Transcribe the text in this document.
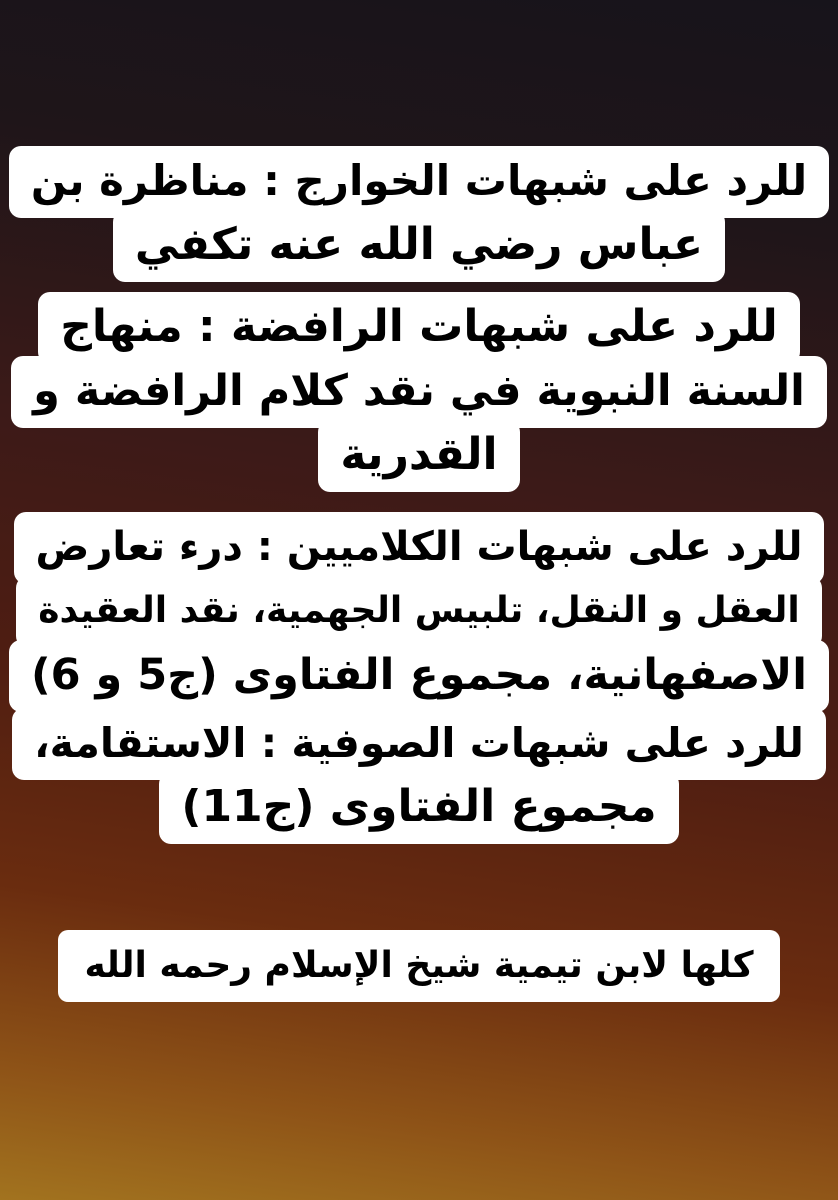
للرد على شبهات الخوارج : مناظرة بن
عباس رضي الله عنه تكفي
للرد على شبهات الرافضة : منهاج
السنة النبوية في نقد كلام الرافضة و
القدرية
للرد على شبهات الكلاميين : درء تعارض
العقل و النقل، تلبيس الجهمية، نقد العقيدة
الاصفهانية، مجموع الفتاوى (ج5 و 6)
للرد على شبهات الصوفية : الاستقامة،
مجموع الفتاوى (ج11)
كلها لابن تيمية شيخ الإسلام رحمه الله
